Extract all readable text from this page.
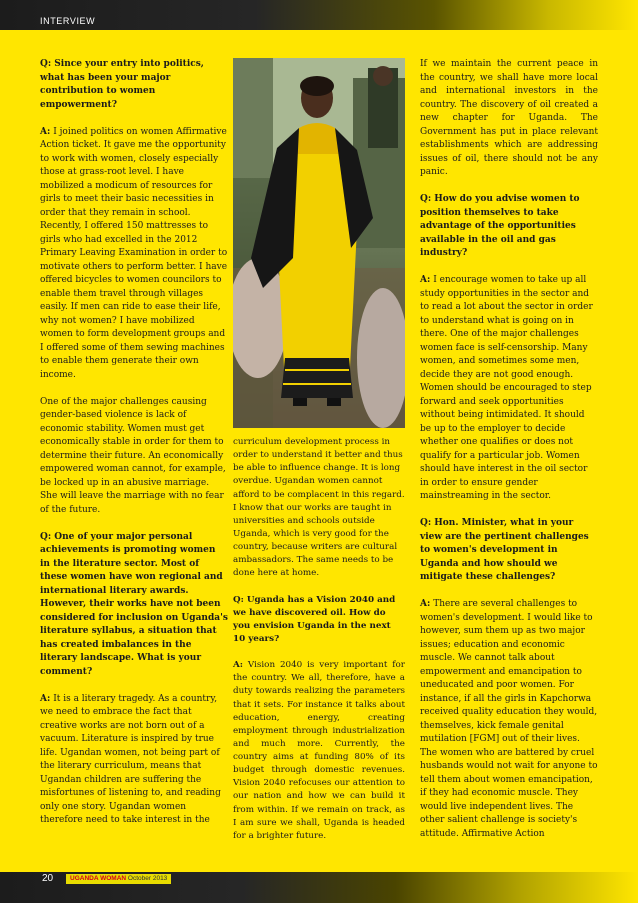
INTERVIEW

Q: Since your entry into politics, what has been your major contribution to women empowerment?

A: I joined politics on women Affirmative Action ticket. It gave me the opportunity to work with women, closely especially those at grass-root level. I have mobilized a modicum of resources for girls to meet their basic necessities in order that they remain in school. Recently, I offered 150 mattresses to girls who had excelled in the 2012 Primary Leaving Examination in order to motivate others to perform better. I have offered bicycles to women councilors to enable them travel through villages easily. If men can ride to ease their life, why not women? I have mobilized women to form development groups and I offered some of them sewing machines to enable them generate their own income.

One of the major challenges causing gender-based violence is lack of economic stability. Women must get economically stable in order for them to determine their future. An economically empowered woman cannot, for example, be locked up in an abusive marriage. She will leave the marriage with no fear of the future.

Q: One of your major personal achievements is promoting women in the literature sector. Most of these women have won regional and international literary awards. However, their works have not been considered for inclusion on Uganda's literature syllabus, a situation that has created imbalances in the literary landscape. What is your comment?

A: It is a literary tragedy. As a country, we need to embrace the fact that creative works are not born out of a vacuum. Literature is inspired by true life. Ugandan women, not being part of the literary curriculum, means that Ugandan children are suffering the misfortunes of listening to, and reading only one story. Ugandan women therefore need to take interest in the

curriculum development process in order to understand it better and thus be able to influence change. It is long overdue. Ugandan women cannot afford to be complacent in this regard. I know that our works are taught in universities and schools outside Uganda, which is very good for the country, because writers are cultural ambassadors. The same needs to be done here at home.

Q: Uganda has a Vision 2040 and we have discovered oil. How do you envision Uganda in the next 10 years?

A: Vision 2040 is very important for the country. We all, therefore, have a duty towards realizing the parameters that it sets. For instance it talks about education, energy, creating employment through industrialization and much more. Currently, the country aims at funding 80% of its budget through domestic revenues. Vision 2040 refocuses our attention to our nation and how we can build it from within. If we remain on track, as I am sure we shall, Uganda is headed for a brighter future.

If we maintain the current peace in the country, we shall have more local and international investors in the country. The discovery of oil created a new chapter for Uganda. The Government has put in place relevant establishments which are addressing issues of oil, there should not be any panic.

Q: How do you advise women to position themselves to take advantage of the opportunities available in the oil and gas industry?

A: I encourage women to take up all study opportunities in the sector and to read a lot about the sector in order to understand what is going on in there. One of the major challenges women face is self-censorship. Many women, and sometimes some men, decide they are not good enough. Women should be encouraged to step forward and seek opportunities without being intimidated. It should be up to the employer to decide whether one qualifies or does not qualify for a particular job. Women should have interest in the oil sector in order to ensure gender mainstreaming in the sector.

Q: Hon. Minister, what in your view are the pertinent challenges to women's development in Uganda and how should we mitigate these challenges?

A: There are several challenges to women's development. I would like to however, sum them up as two major issues; education and economic muscle. We cannot talk about empowerment and emancipation to uneducated and poor women. For instance, if all the girls in Kapchorwa received quality education they would, themselves, kick female genital mutilation [FGM] out of their lives. The women who are battered by cruel husbands would not wait for anyone to tell them about women emancipation, if they had economic muscle. They would live independent lives. The other salient challenge is society's attitude. Affirmative Action

20	UGANDA WOMAN October 2013
